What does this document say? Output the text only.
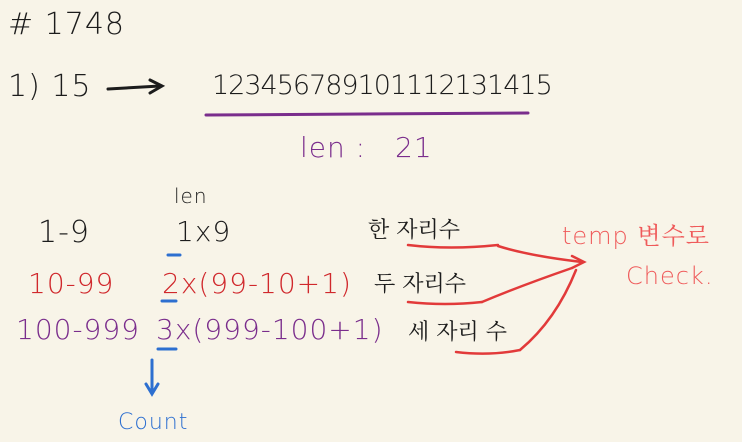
# 1748
1) 15	123456789101112131415
len : 21
len
1-9	1x9	한 자리수
10-99 2x(99-10+1) 두 자리수
100-999 3x(999-100+1) 세 자리 수
Count
temp 변수로
Check.
